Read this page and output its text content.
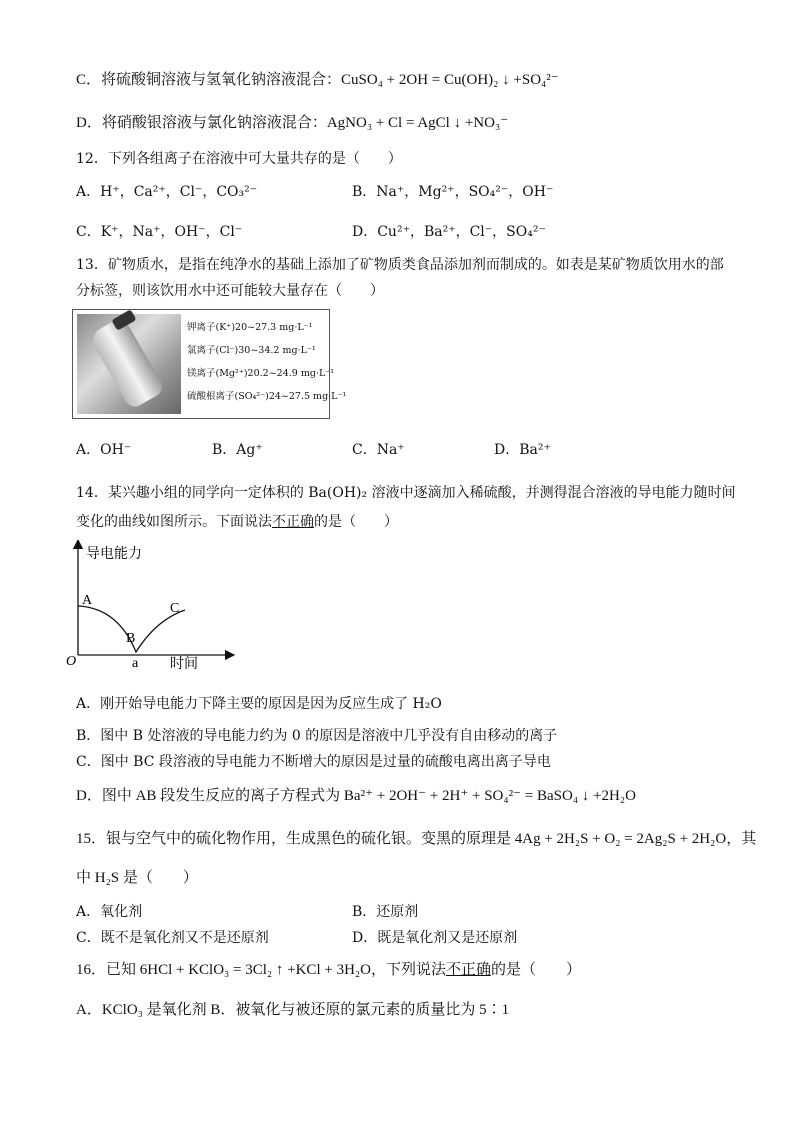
C．将硫酸铜溶液与氢氧化钠溶液混合：CuSO₄ + 2OH = Cu(OH)₂ ↓ +SO₄²⁻
D．将硝酸银溶液与氯化钠溶液混合：AgNO₃ + Cl = AgCl ↓ +NO₃⁻
12．下列各组离子在溶液中可大量共存的是（　　）
A．H⁺，Ca²⁺，Cl⁻，CO₃²⁻	B．Na⁺，Mg²⁺，SO₄²⁻，OH⁻
C．K⁺，Na⁺，OH⁻，Cl⁻	D．Cu²⁺，Ba²⁺，Cl⁻，SO₄²⁻
13．矿物质水，是指在纯净水的基础上添加了矿物质类食品添加剂而制成的。如表是某矿物质饮用水的部
分标签，则该饮用水中还可能较大量存在（　　）
钾离子(K⁺)20~27.3 mg·L⁻¹
氯离子(Cl⁻)30~34.2 mg·L⁻¹
镁离子(Mg²⁺)20.2~24.9 mg·L⁻¹
硫酸根离子(SO₄²⁻)24~27.5 mg·L⁻¹
A．OH⁻	B．Ag⁺	C．Na⁺	D．Ba²⁺
14．某兴趣小组的同学向一定体积的 Ba(OH)₂ 溶液中逐滴加入稀硫酸，并测得混合溶液的导电能力随时间
变化的曲线如图所示。下面说法不正确的是（　　）
导电能力
时间
O
A
B
C
a
A．刚开始导电能力下降主要的原因是因为反应生成了 H₂O
B．图中 B 处溶液的导电能力约为 0 的原因是溶液中几乎没有自由移动的离子
C．图中 BC 段溶液的导电能力不断增大的原因是过量的硫酸电离出离子导电
D．图中 AB 段发生反应的离子方程式为 Ba²⁺ + 2OH⁻ + 2H⁺ + SO₄²⁻ = BaSO₄ ↓ +2H₂O
15．银与空气中的硫化物作用，生成黑色的硫化银。变黑的原理是 4Ag + 2H₂S + O₂ = 2Ag₂S + 2H₂O，其
中 H₂S 是（　　）
A．氧化剂	B．还原剂
C．既不是氧化剂又不是还原剂	D．既是氧化剂又是还原剂
16．已知 6HCl + KClO₃ = 3Cl₂ ↑ +KCl + 3H₂O，下列说法不正确的是（　　）
A．KClO₃ 是氧化剂 B．被氧化与被还原的氯元素的质量比为 5∶1
